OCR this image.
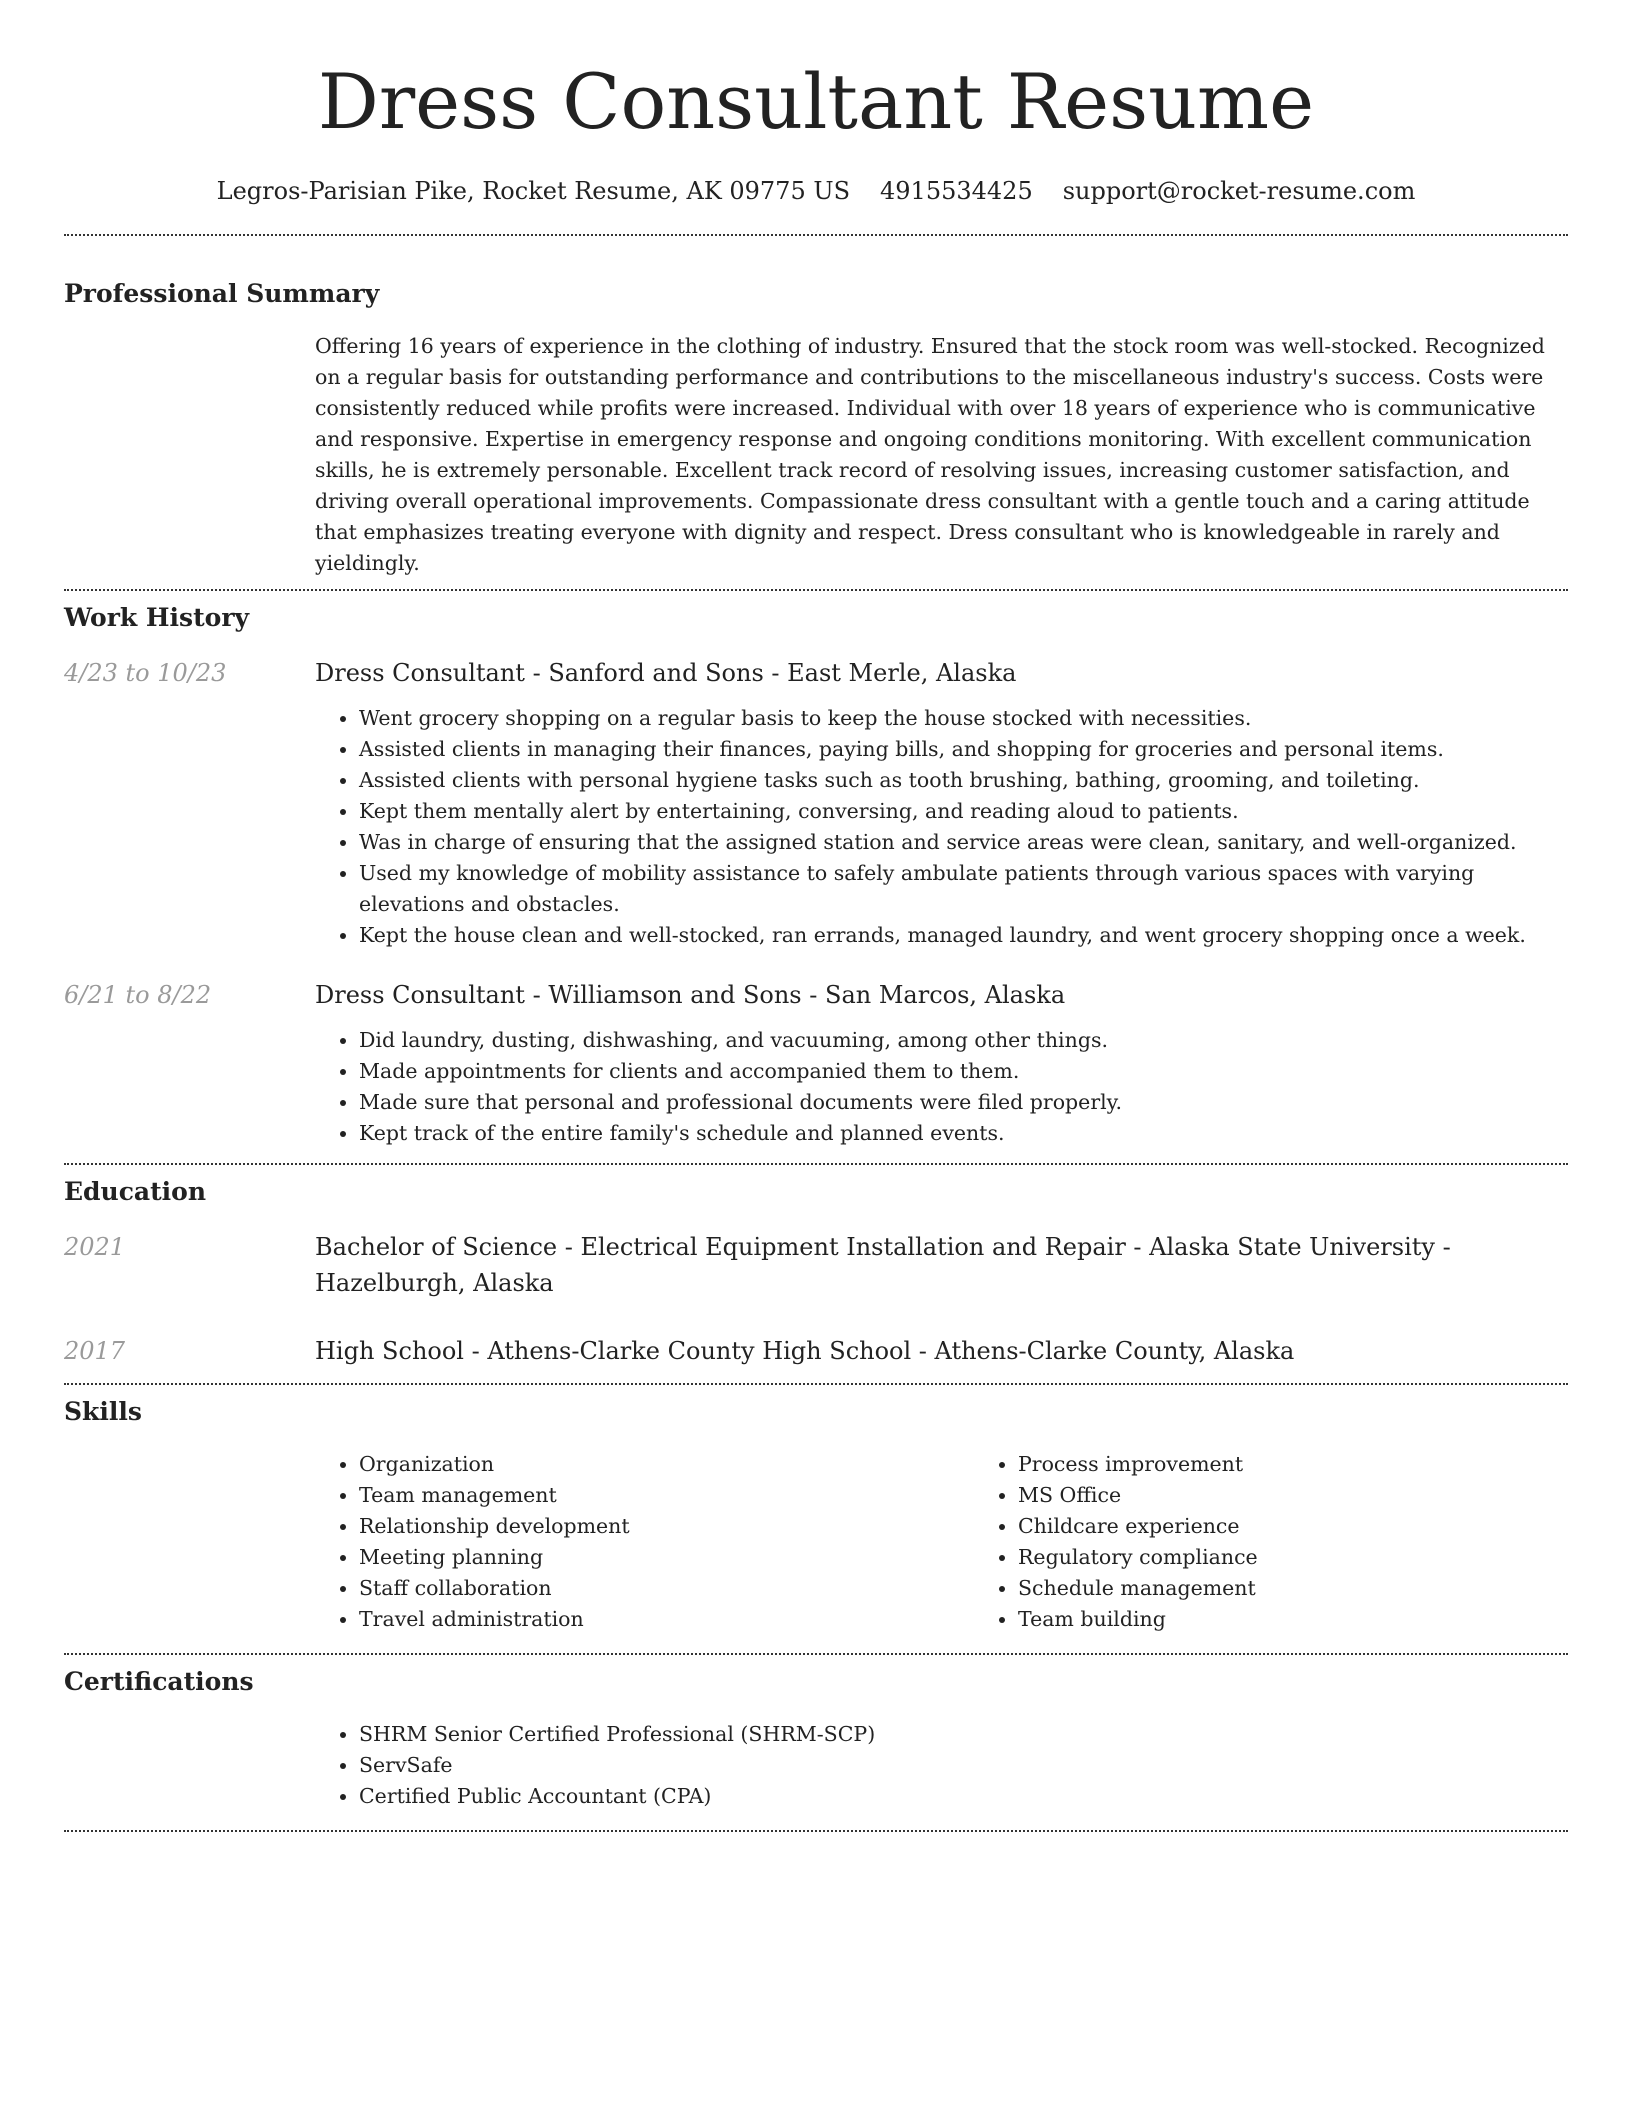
Dress Consultant Resume
Legros-Parisian Pike, Rocket Resume, AK 09775 US 4915534425 support@rocket-resume.com
Professional Summary

Offering 16 years of experience in the clothing of industry. Ensured that the stock room was well-stocked. Recognized on a regular basis for outstanding performance and contributions to the miscellaneous industry's success. Costs were consistently reduced while profits were increased. Individual with over 18 years of experience who is communicative and responsive. Expertise in emergency response and ongoing conditions monitoring. With excellent communication skills, he is extremely personable. Excellent track record of resolving issues, increasing customer satisfaction, and driving overall operational improvements. Compassionate dress consultant with a gentle touch and a caring attitude that emphasizes treating everyone with dignity and respect. Dress consultant who is knowledgeable in rarely and yieldingly.

Work History
4/23 to 10/23	Dress Consultant - Sanford and Sons - East Merle, Alaska
• Went grocery shopping on a regular basis to keep the house stocked with necessities.
• Assisted clients in managing their finances, paying bills, and shopping for groceries and personal items.
• Assisted clients with personal hygiene tasks such as tooth brushing, bathing, grooming, and toileting.
• Kept them mentally alert by entertaining, conversing, and reading aloud to patients.
• Was in charge of ensuring that the assigned station and service areas were clean, sanitary, and well-organized.
• Used my knowledge of mobility assistance to safely ambulate patients through various spaces with varying elevations and obstacles.
• Kept the house clean and well-stocked, ran errands, managed laundry, and went grocery shopping once a week.
6/21 to 8/22	Dress Consultant - Williamson and Sons - San Marcos, Alaska
• Did laundry, dusting, dishwashing, and vacuuming, among other things.
• Made appointments for clients and accompanied them to them.
• Made sure that personal and professional documents were filed properly.
• Kept track of the entire family's schedule and planned events.
Education
2021	Bachelor of Science - Electrical Equipment Installation and Repair - Alaska State University - Hazelburgh, Alaska
2017	High School - Athens-Clarke County High School - Athens-Clarke County, Alaska
Skills
• Organization
• Team management
• Relationship development
• Meeting planning
• Staff collaboration
• Travel administration
• Process improvement
• MS Office
• Childcare experience
• Regulatory compliance
• Schedule management
• Team building
Certifications
• SHRM Senior Certified Professional (SHRM-SCP)
• ServSafe
• Certified Public Accountant (CPA)
